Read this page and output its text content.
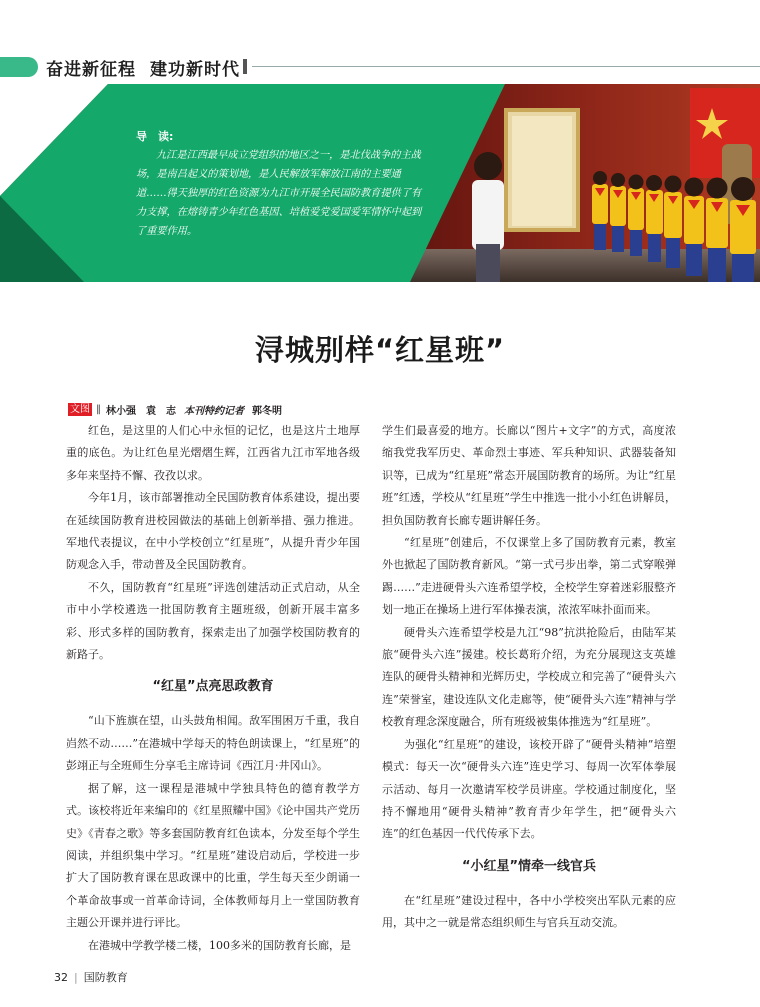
奋进新征程 建功新时代
导　读:
九江是江西最早成立党组织的地区之一，是北伐战争的主战场，是南昌起义的策划地，是人民解放军解放江南的主要通道……得天独厚的红色资源为九江市开展全民国防教育提供了有力支撑，在熔铸青少年红色基因、培植爱党爱国爱军情怀中起到了重要作用。
浔城别样“红星班”
文图 ‖ 林小强　袁　志 本刊特约记者 郭冬明

红色，是这里的人们心中永恒的记忆，也是这片土地厚重的底色。为让红色星光熠熠生辉，江西省九江市军地各级多年来坚持不懈、孜孜以求。

今年1月，该市部署推动全民国防教育体系建设，提出要在延续国防教育进校园做法的基础上创新举措、强力推进。军地代表提议，在中小学校创立“红星班”，从提升青少年国防观念入手，带动普及全民国防教育。

不久，国防教育“红星班”评选创建活动正式启动，从全市中小学校遴选一批国防教育主题班级，创新开展丰富多彩、形式多样的国防教育，探索走出了加强学校国防教育的新路子。

“红星”点亮思政教育

“山下旌旗在望，山头鼓角相闻。敌军围困万千重，我自岿然不动……”在港城中学每天的特色朗读课上，“红星班”的彭翊正与全班师生分享毛主席诗词《西江月·井冈山》。

据了解，这一课程是港城中学独具特色的德育教学方式。该校将近年来编印的《红星照耀中国》《论中国共产党历史》《青春之歌》等多套国防教育红色读本，分发至每个学生阅读，并组织集中学习。“红星班”建设启动后，学校进一步扩大了国防教育课在思政课中的比重，学生每天至少朗诵一个革命故事或一首革命诗词，全体教师每月上一堂国防教育主题公开课并进行评比。

在港城中学教学楼二楼，100多米的国防教育长廊，是

学生们最喜爱的地方。长廊以“图片+文字”的方式，高度浓缩我党我军历史、革命烈士事迹、军兵种知识、武器装备知识等，已成为“红星班”常态开展国防教育的场所。为让“红星班”红透，学校从“红星班”学生中推选一批小小红色讲解员，担负国防教育长廊专题讲解任务。

“红星班”创建后，不仅课堂上多了国防教育元素，教室外也掀起了国防教育新风。“第一式弓步出拳，第二式穿喉弹踢……”走进硬骨头六连希望学校，全校学生穿着迷彩服整齐划一地正在操场上进行军体操表演，浓浓军味扑面而来。

硬骨头六连希望学校是九江“98”抗洪抢险后，由陆军某旅“硬骨头六连”援建。校长葛珩介绍，为充分展现这支英雄连队的硬骨头精神和光辉历史，学校成立和完善了“硬骨头六连”荣誉室，建设连队文化走廊等，使“硬骨头六连”精神与学校教育理念深度融合，所有班级被集体推选为“红星班”。

为强化“红星班”的建设，该校开辟了“硬骨头精神”培塑模式：每天一次“硬骨头六连”连史学习、每周一次军体拳展示活动、每月一次邀请军校学员讲座。学校通过制度化，坚持不懈地用“硬骨头精神”教育青少年学生，把“硬骨头六连”的红色基因一代代传承下去。

“小红星”情牵一线官兵

在“红星班”建设过程中，各中小学校突出军队元素的应用，其中之一就是常态组织师生与官兵互动交流。

32 | 国防教育
